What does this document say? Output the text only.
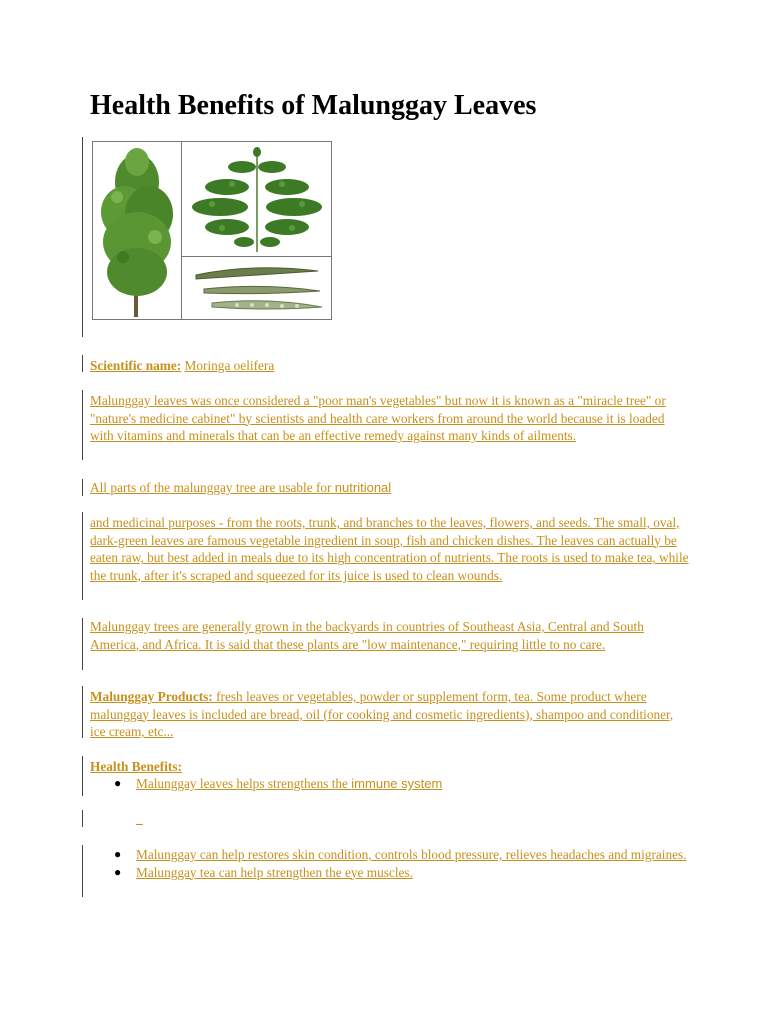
Health Benefits of Malunggay Leaves
Scientific name: Moringa oelifera
Malunggay leaves was once considered a "poor man's vegetables" but now it is known as a "miracle tree" or "nature's medicine cabinet" by scientists and health care workers from around the world because it is loaded with vitamins and minerals that can be an effective remedy against many kinds of ailments.
All parts of the malunggay tree are usable for nutritional
and medicinal purposes - from the roots, trunk, and branches to the leaves, flowers, and seeds. The small, oval, dark-green leaves are famous vegetable ingredient in soup, fish and chicken dishes. The leaves can actually be eaten raw, but best added in meals due to its high concentration of nutrients. The roots is used to make tea, while the trunk, after it's scraped and squeezed for its juice is used to clean wounds.
Malunggay trees are generally grown in the backyards in countries of Southeast Asia, Central and South America, and Africa. It is said that these plants are "low maintenance," requiring little to no care.
Malunggay Products: fresh leaves or vegetables, powder or supplement form, tea. Some product where malunggay leaves is included are bread, oil (for cooking and cosmetic ingredients), shampoo and conditioner, ice cream, etc...
Health Benefits:
● Malunggay leaves helps strengthens the immune system
_
● Malunggay can help restores skin condition, controls blood pressure, relieves headaches and migraines.
● Malunggay tea can help strengthen the eye muscles.
